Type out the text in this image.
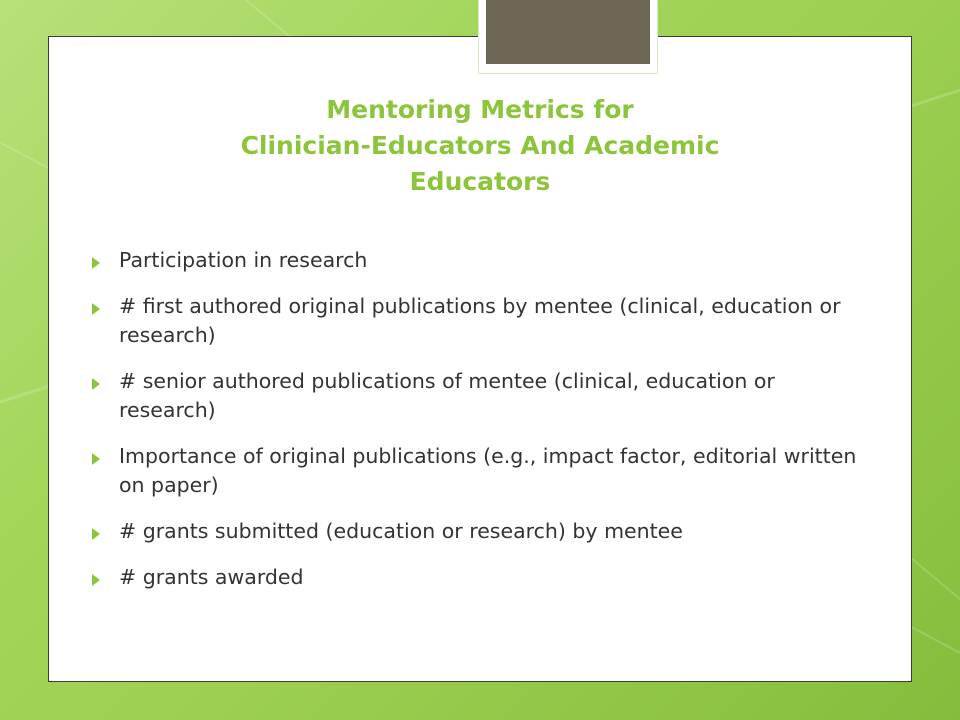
Mentoring Metrics for
Clinician-Educators And Academic
Educators
Participation in research
# first authored original publications by mentee (clinical, education or research)
# senior authored publications of mentee (clinical, education or research)
Importance of original publications (e.g., impact factor, editorial written on paper)
# grants submitted (education or research) by mentee
# grants awarded
